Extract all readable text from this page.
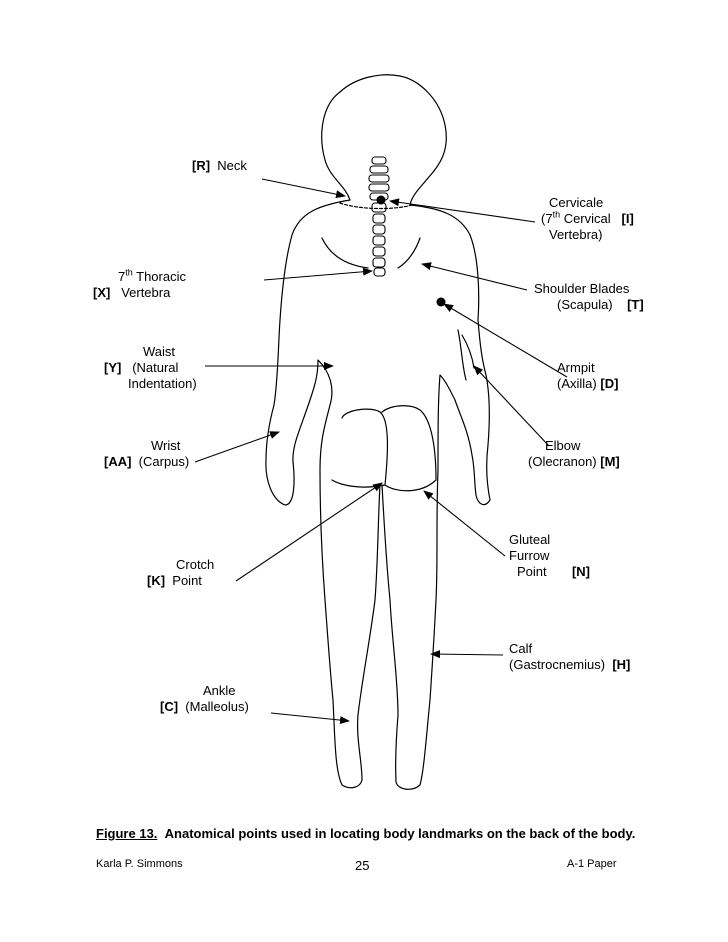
[R] Neck
Cervicale
(7th Cervical [I]
Vertebra)
7th Thoracic
[X] Vertebra	Shoulder Blades
(Scapula) [T]
Waist
[Y] (Natural
Indentation)
Armpit
(Axilla) [D]
Wrist
[AA] (Carpus)
Elbow
(Olecranon) [M]
Gluteal
Furrow
Point [N]
Crotch
[K] Point
Calf
(Gastrocnemius) [H]
Ankle
[C] (Malleolus)
Figure 13. Anatomical points used in locating body landmarks on the back of the body.
Karla P. Simmons	25	A-1 Paper
